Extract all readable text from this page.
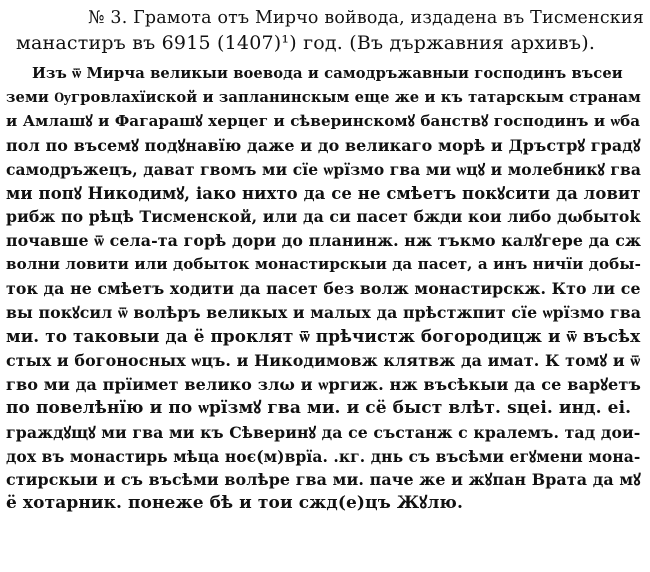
№ 3. Грамота отъ Мирчо войвода, издадена въ Тисменския
манастиръ въ 6915 (1407)¹) год. (Въ държавния архивъ).
Изъ ѿ Мирча великыи воевода и самодръжавныи господинъ въсеи
земи Ѹгровлахїиской и запланинскым еще же и къ татарскым странам
и Амлашꙋ и Фагарашꙋ херцег и сѣверинскомꙋ банствꙋ господинъ и ѡба
пол по въсемꙋ подꙋнавїю даже и до великаго морѣ и Дръстрꙋ градꙋ
самодръжецъ, дават гвомъ ми сїе ѡрїзмо гва ми ѡцꙋ и молебникꙋ гва
ми попꙋ Никодимꙋ, іако нихто да се не смѣетъ покꙋсити да ловит
рибж по рѣцѣ Тисменской, или да си пасет бжди кои либо дωбытоk
почавше ѿ села-та горѣ дори до планинж. нж тъкмо калꙋгере да сж
волни ловити или добыток монастирскыи да пасет, а инъ ничїи добы-
ток да не смѣетъ ходити да пасет без волж монастирскж. Кто ли се
вы покꙋсил ѿ волѣръ великых и малых да прѣстжпит сїе ѡрїзмо гва
ми. то таковыи да ё проклят ѿ прѣчистж богородицж и ѿ въсѣх
стых и богоносных ѡцъ. и Никодимовж клятвж да имат. К томꙋ и ѿ
гво ми да прїимет велико злω и ѡргиж. нж въсѣкыи да се варꙋетъ
по повелѣнїю и по ѡрїзмꙋ гва ми. и сё быст влѣт. ѕцеі. инд. еі.
граждꙋщꙋ ми гва ми къ Сѣверинꙋ да се състанж с кралемъ. тад дои-
дох въ монастирь мѣца ноє(м)врїа. .кг. днь съ въсѣми егꙋмени мона-
стирскыи и съ въсѣми волѣре гва ми. паче же и жꙋпан Врата да мꙋ
ё хотарник. понеже бѣ и тои сжд(е)цъ Жꙋлю.
